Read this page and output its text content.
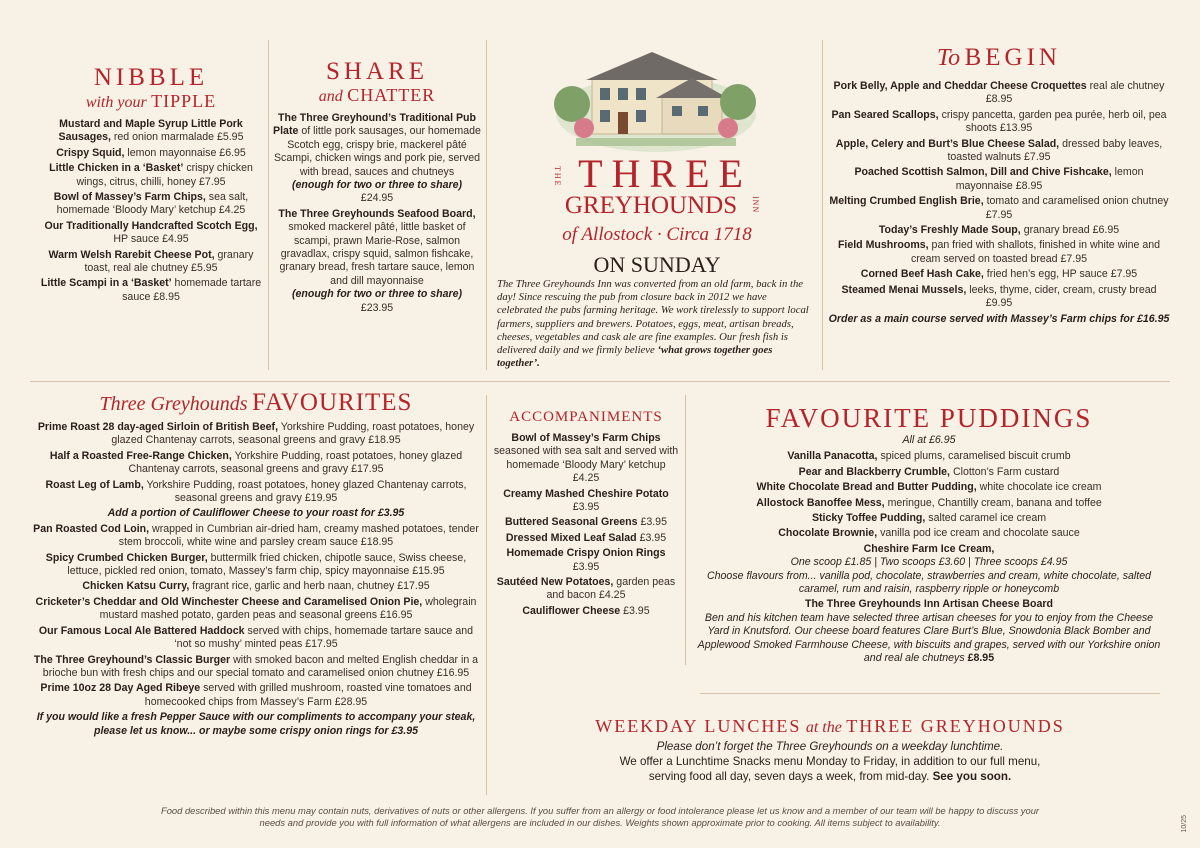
NIBBLE
with your TIPPLE
Mustard and Maple Syrup Little Pork Sausages, red onion marmalade £5.95
Crispy Squid, lemon mayonnaise £6.95
Little Chicken in a ‘Basket’ crispy chicken wings, citrus, chilli, honey £7.95
Bowl of Massey’s Farm Chips, sea salt, homemade ‘Bloody Mary’ ketchup £4.25
Our Traditionally Handcrafted Scotch Egg, HP sauce £4.95
Warm Welsh Rarebit Cheese Pot, granary toast, real ale chutney £5.95
Little Scampi in a ‘Basket’ homemade tartare sauce £8.95
SHARE
and CHATTER
The Three Greyhound’s Traditional Pub Plate of little pork sausages, our homemade Scotch egg, crispy brie, mackerel pâté Scampi, chicken wings and pork pie, served with bread, sauces and chutneys
(enough for two or three to share)
£24.95
The Three Greyhounds Seafood Board, smoked mackerel pâté, little basket of scampi, prawn Marie-Rose, salmon gravadlax, crispy squid, salmon fishcake, granary bread, fresh tartare sauce, lemon and dill mayonnaise
(enough for two or three to share)
£23.95
THE THREE
GREYHOUNDS	INN
of Allostock · Circa 1718
ON SUNDAY
The Three Greyhounds Inn was converted from an old farm, back in the day! Since rescuing the pub from closure back in 2012 we have celebrated the pubs farming heritage. We work tirelessly to support local farmers, suppliers and brewers. Potatoes, eggs, meat, artisan breads, cheeses, vegetables and cask ale are fine examples. Our fresh fish is delivered daily and we firmly believe ‘what grows together goes together’.
To BEGIN
Pork Belly, Apple and Cheddar Cheese Croquettes real ale chutney £8.95
Pan Seared Scallops, crispy pancetta, garden pea purée, herb oil, pea shoots £13.95
Apple, Celery and Burt’s Blue Cheese Salad, dressed baby leaves, toasted walnuts £7.95
Poached Scottish Salmon, Dill and Chive Fishcake, lemon mayonnaise £8.95
Melting Crumbed English Brie, tomato and caramelised onion chutney £7.95
Today’s Freshly Made Soup, granary bread £6.95
Field Mushrooms, pan fried with shallots, finished in white wine and cream served on toasted bread £7.95
Corned Beef Hash Cake, fried hen’s egg, HP sauce £7.95
Steamed Menai Mussels, leeks, thyme, cider, cream, crusty bread £9.95
Order as a main course served with Massey’s Farm chips for £16.95
Three Greyhounds FAVOURITES
Prime Roast 28 day-aged Sirloin of British Beef, Yorkshire Pudding, roast potatoes, honey glazed Chantenay carrots, seasonal greens and gravy £18.95
Half a Roasted Free-Range Chicken, Yorkshire Pudding, roast potatoes, honey glazed Chantenay carrots, seasonal greens and gravy £17.95
Roast Leg of Lamb, Yorkshire Pudding, roast potatoes, honey glazed Chantenay carrots, seasonal greens and gravy £19.95
Add a portion of Cauliflower Cheese to your roast for £3.95
Pan Roasted Cod Loin, wrapped in Cumbrian air-dried ham, creamy mashed potatoes, tender stem broccoli, white wine and parsley cream sauce £18.95
Spicy Crumbed Chicken Burger, buttermilk fried chicken, chipotle sauce, Swiss cheese, lettuce, pickled red onion, tomato, Massey’s farm chip, spicy mayonnaise £15.95
Chicken Katsu Curry, fragrant rice, garlic and herb naan, chutney £17.95
Cricketer’s Cheddar and Old Winchester Cheese and Caramelised Onion Pie, wholegrain mustard mashed potato, garden peas and seasonal greens £16.95
Our Famous Local Ale Battered Haddock served with chips, homemade tartare sauce and ‘not so mushy’ minted peas £17.95
The Three Greyhound’s Classic Burger with smoked bacon and melted English cheddar in a brioche bun with fresh chips and our special tomato and caramelised onion chutney £16.95
Prime 10oz 28 Day Aged Ribeye served with grilled mushroom, roasted vine tomatoes and homecooked chips from Massey’s Farm £28.95
If you would like a fresh Pepper Sauce with our compliments to accompany your steak, please let us know... or maybe some crispy onion rings for £3.95
ACCOMPANIMENTS
Bowl of Massey’s Farm Chips seasoned with sea salt and served with homemade ‘Bloody Mary’ ketchup £4.25
Creamy Mashed Cheshire Potato £3.95
Buttered Seasonal Greens £3.95
Dressed Mixed Leaf Salad £3.95
Homemade Crispy Onion Rings £3.95
Sautéed New Potatoes, garden peas and bacon £4.25
Cauliflower Cheese £3.95
FAVOURITE PUDDINGS
All at £6.95
Vanilla Panacotta, spiced plums, caramelised biscuit crumb
Pear and Blackberry Crumble, Clotton’s Farm custard
White Chocolate Bread and Butter Pudding, white chocolate ice cream
Allostock Banoffee Mess, meringue, Chantilly cream, banana and toffee
Sticky Toffee Pudding, salted caramel ice cream
Chocolate Brownie, vanilla pod ice cream and chocolate sauce
Cheshire Farm Ice Cream,
One scoop £1.85 | Two scoops £3.60 | Three scoops £4.95
Choose flavours from... vanilla pod, chocolate, strawberries and cream, white chocolate, salted caramel, rum and raisin, raspberry ripple or honeycomb
The Three Greyhounds Inn Artisan Cheese Board
Ben and his kitchen team have selected three artisan cheeses for you to enjoy from the Cheese Yard in Knutsford. Our cheese board features Clare Burt’s Blue, Snowdonia Black Bomber and Applewood Smoked Farmhouse Cheese, with biscuits and grapes, served with our Yorkshire onion and real ale chutneys £8.95
WEEKDAY LUNCHES at the THREE GREYHOUNDS
Please don’t forget the Three Greyhounds on a weekday lunchtime.
We offer a Lunchtime Snacks menu Monday to Friday, in addition to our full menu, serving food all day, seven days a week, from mid-day. See you soon.
Food described within this menu may contain nuts, derivatives of nuts or other allergens. If you suffer from an allergy or food intolerance please let us know and a member of our team will be happy to discuss your needs and provide you with full information of what allergens are included in our dishes. Weights shown approximate prior to cooking. All items subject to availability.	10/25
